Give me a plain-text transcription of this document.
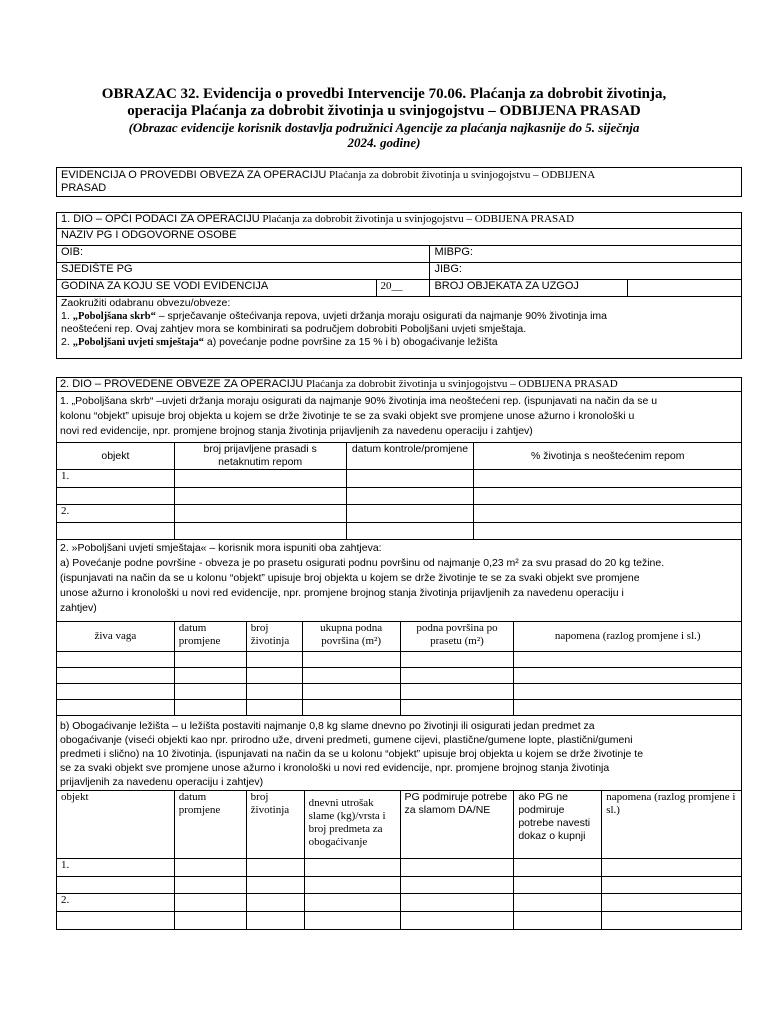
OBRAZAC 32. Evidencija o provedbi Intervencije 70.06. Plaćanja za dobrobit životinja,
operacija Plaćanja za dobrobit životinja u svinjogojstvu – ODBIJENA PRASAD
(Obrazac evidencije korisnik dostavlja podružnici Agencije za plaćanja najkasnije do 5. siječnja
2024. godine)
EVIDENCIJA O PROVEDBI OBVEZA ZA OPERACIJU Plaćanja za dobrobit životinja u svinjogojstvu – ODBIJENA
PRASAD
1. DIO – OPĆI PODACI ZA OPERACIJU Plaćanja za dobrobit životinja u svinjogojstvu – ODBIJENA PRASAD			
NAZIV PG I ODGOVORNE OSOBE			
OIB:		MIBPG:	
SJEDIŠTE PG		JIBG:	
GODINA ZA KOJU SE VODI EVIDENCIJA	20__	BROJ OBJEKATA ZA UZGOJ	

Zaokružiti odabranu obvezu/obveze:
1. „Poboljšana skrb“ – sprječavanje oštećivanja repova, uvjeti držanja moraju osigurati da najmanje 90% životinja ima
neoštećeni rep. Ovaj zahtjev mora se kombinirati sa područjem dobrobiti Poboljšani uvjeti smještaja.
2. „Poboljšani uvjeti smještaja“ a) povećanje podne površine za 15 % i b) obogaćivanje ležišta			
2. DIO – PROVEDENE OBVEZE ZA OPERACIJU Plaćanja za dobrobit životinja u svinjogojstvu – ODBIJENA PRASAD
1. „Poboljšana skrb“ –uvjeti držanja moraju osigurati da najmanje 90% životinja ima neoštećeni rep. (ispunjavati na način da se u
kolonu “objekt” upisuje broj objekta u kojem se drže životinje te se za svaki objekt sve promjene unose ažurno i kronološki u
novi red evidencije, npr. promjene brojnog stanja životinja prijavljenih za navedenu operaciju i zahtjev)
objekt	broj prijavljene prasadi s netaknutim repom	datum kontrole/promjene	% životinja s neoštećenim repom
1.			

2.			

2. »Poboljšani uvjeti smještaja« – korisnik mora ispuniti oba zahtjeva:
a) Povećanje podne površine - obveza je po prasetu osigurati podnu površinu od najmanje 0,23 m² za svu prasad do 20 kg težine.
(ispunjavati na način da se u kolonu “objekt” upisuje broj objekta u kojem se drže životinje te se za svaki objekt sve promjene
unose ažurno i kronološki u novi red evidencije, npr. promjene brojnog stanja životinja prijavljenih za navedenu operaciju i
zahtjev)
živa vaga	datum promjene	broj životinja	ukupna podna površina (m²)	podna površina po prasetu (m²)	napomena (razlog promjene i sl.)

b) Obogaćivanje ležišta – u ležišta postaviti najmanje 0,8 kg slame dnevno po životinji ili osigurati jedan predmet za
obogaćivanje (viseći objekti kao npr. prirodno uže, drveni predmeti, gumene cijevi, plastične/gumene lopte, plastični/gumeni
predmeti i slično) na 10 životinja. (ispunjavati na način da se u kolonu “objekt” upisuje broj objekta u kojem se drže životinje te
se za svaki objekt sve promjene unose ažurno i kronološki u novi red evidencije, npr. promjene brojnog stanja životinja
prijavljenih za navedenu operaciju i zahtjev)
objekt	datum promjene	broj životinja	dnevni utrošak slame (kg)/vrsta i broj predmeta za obogaćivanje	PG podmiruje potrebe za slamom DA/NE	ako PG ne podmiruje potrebe navesti dokaz o kupnji	napomena (razlog promjene i sl.)
1.						

2.						
